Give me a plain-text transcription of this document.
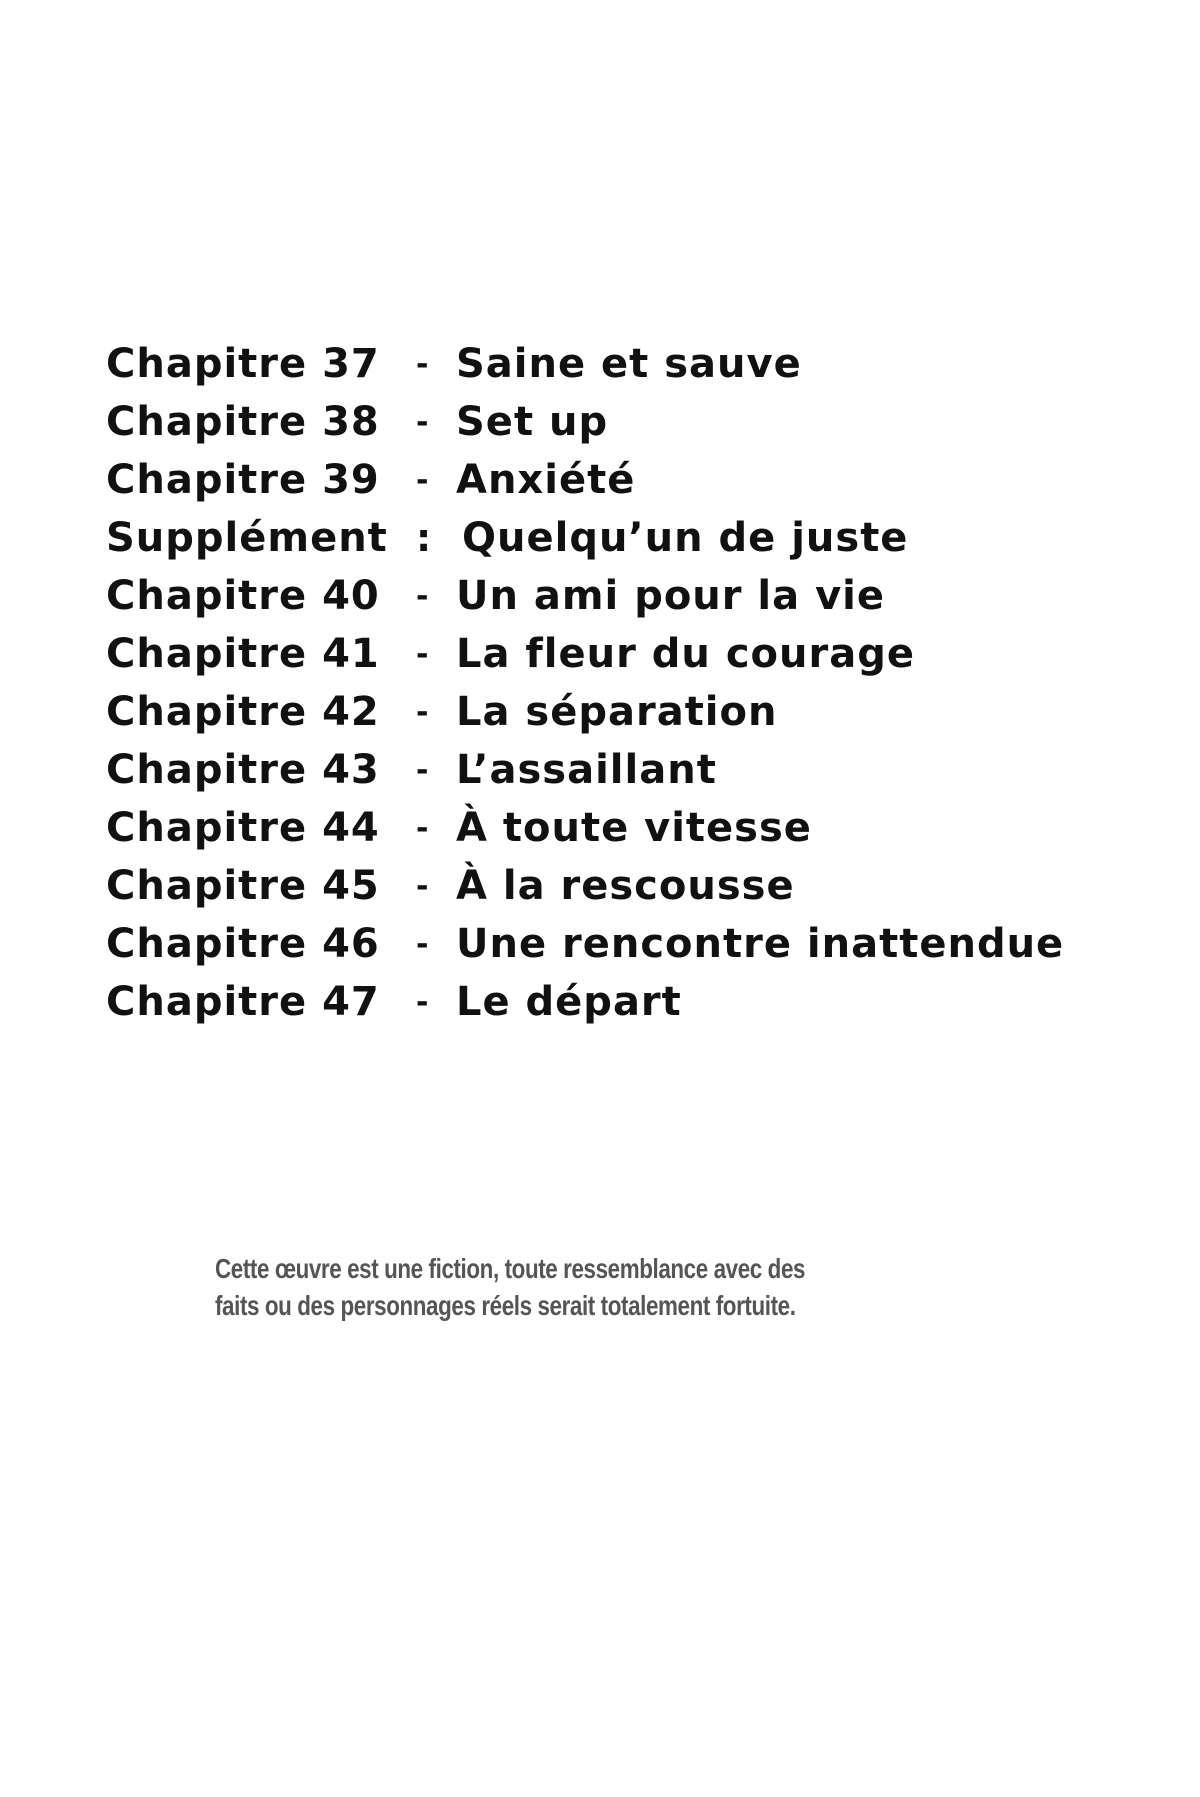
Chapitre 37	- Saine et sauve
Chapitre 38	- Set up
Chapitre 39	- Anxiété
Supplément : Quelqu’un de juste
Chapitre 40	- Un ami pour la vie
Chapitre 41	- La fleur du courage
Chapitre 42	- La séparation
Chapitre 43	- L’assaillant
Chapitre 44	- À toute vitesse
Chapitre 45	- À la rescousse
Chapitre 46	- Une rencontre inattendue
Chapitre 47	- Le départ
Cette œuvre est une fiction, toute ressemblance avec des
faits ou des personnages réels serait totalement fortuite.
